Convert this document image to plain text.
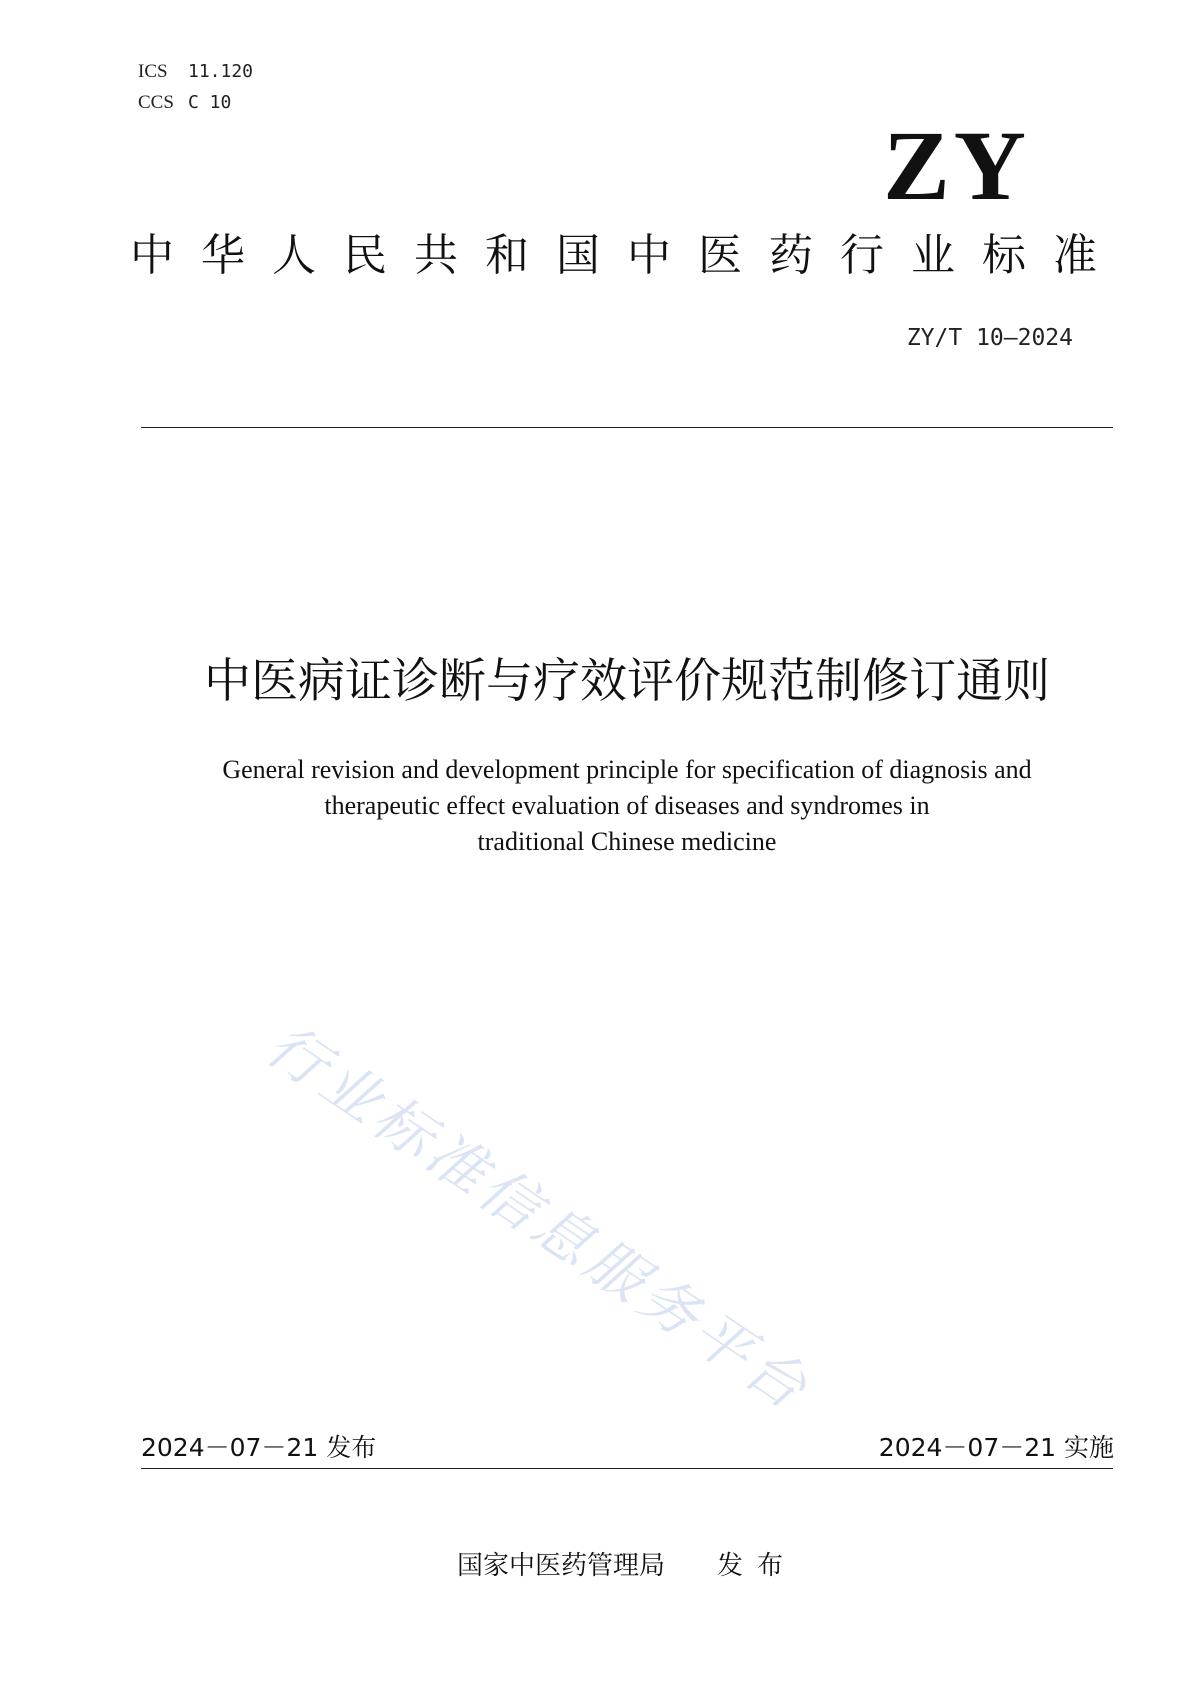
ICS 11.120
CCS C 10
ZY
中华人民共和国中医药行业标准
ZY/T 10—2024
中医病证诊断与疗效评价规范制修订通则
General revision and development principle for specification of diagnosis and
therapeutic effect evaluation of diseases and syndromes in
traditional Chinese medicine
行业标准信息服务平台
2024－07－21 发布	2024－07－21 实施
国家中医药管理局 发布
